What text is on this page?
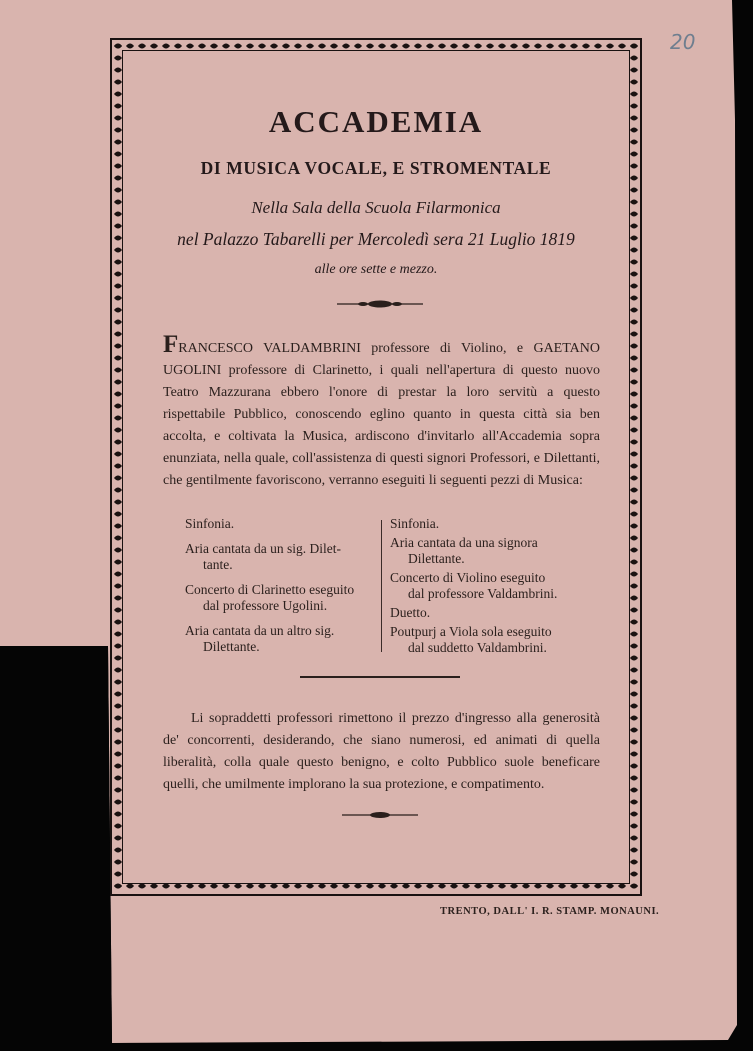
20
ACCADEMIA
DI MUSICA VOCALE, E STROMENTALE
Nella Sala della Scuola Filarmonica
nel Palazzo Tabarelli per Mercoledì sera 21 Luglio 1819
alle ore sette e mezzo.
FRANCESCO VALDAMBRINI professore di Violino, e GAETANO UGOLINI professore di Clarinetto, i quali nell'apertura di questo nuovo Teatro Mazzurana ebbero l'onore di prestar la loro servitù a questo rispettabile Pubblico, conoscendo eglino quanto in questa città sia ben accolta, e coltivata la Musica, ardiscono d'invitarlo all'Accademia sopra enunziata, nella quale, coll'assistenza di questi signori Professori, e Dilettanti, che gentilmente favoriscono, verranno eseguiti li seguenti pezzi di Musica:
Sinfonia.
Aria cantata da un sig. Dilet-
tante.
Concerto di Clarinetto eseguito
dal professore Ugolini.
Aria cantata da un altro sig.
Dilettante.
Sinfonia.
Aria cantata da una signora
Dilettante.
Concerto di Violino eseguito
dal professore Valdambrini.
Duetto.
Poutpurj a Viola sola eseguito
dal suddetto Valdambrini.
Li sopraddetti professori rimettono il prezzo d'ingresso alla generosità de' concorrenti, desiderando, che siano numerosi, ed animati di quella liberalità, colla quale questo benigno, e colto Pubblico suole beneficare quelli, che umilmente implorano la sua protezione, e compatimento.
TRENTO, DALL' I. R. STAMP. MONAUNI.
